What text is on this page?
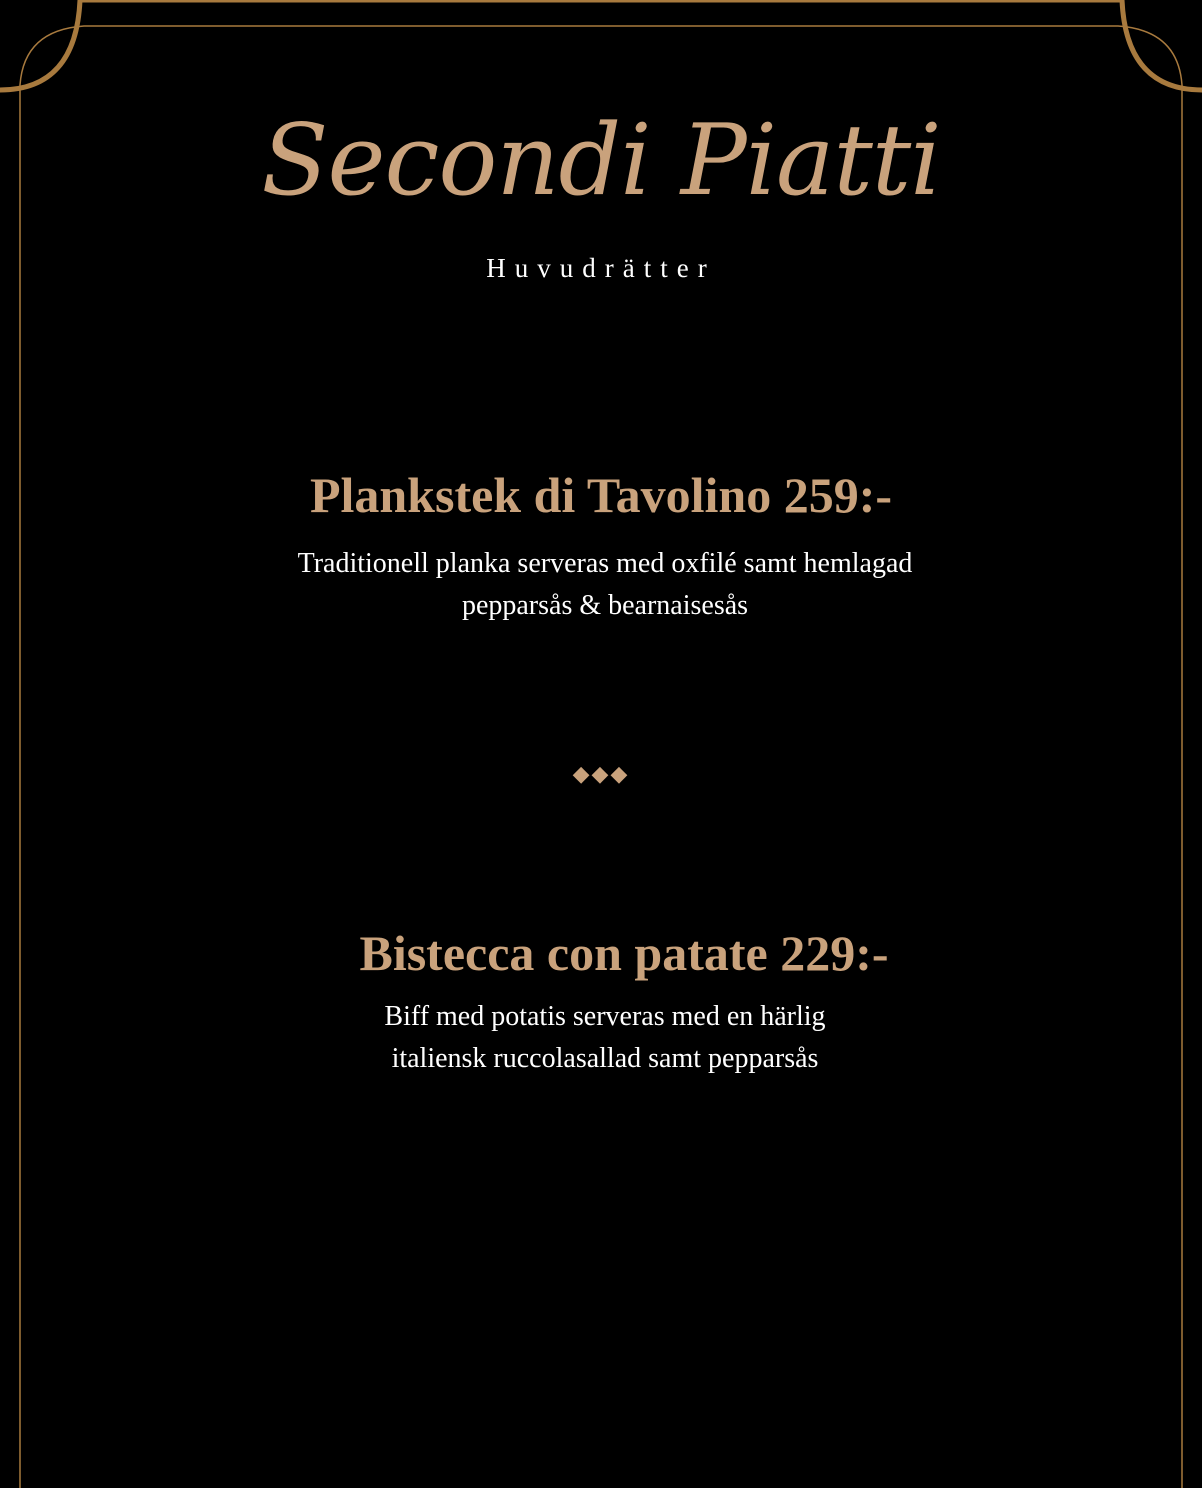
Secondi Piatti
Huvudrätter
Plankstek di Tavolino 259:-
Traditionell planka serveras med oxfilé samt hemlagad pepparsås & bearnaisesås
◆◆◆
Bistecca con patate 229:-
Biff med potatis serveras med en härlig italiensk ruccolasallad samt pepparsås
